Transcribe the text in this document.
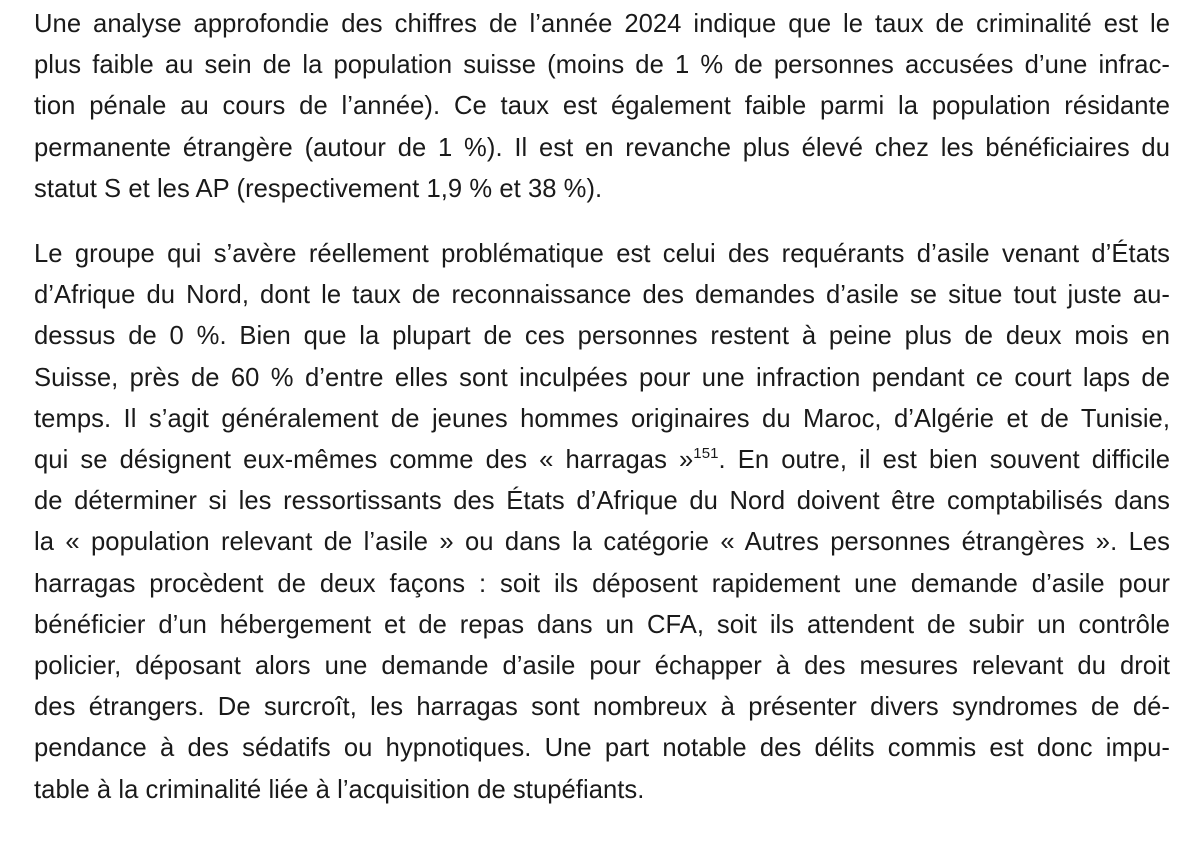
Une analyse approfondie des chiffres de l’année 2024 indique que le taux de criminalité est le
plus faible au sein de la population suisse (moins de 1 % de personnes accusées d’une infrac-
tion pénale au cours de l’année). Ce taux est également faible parmi la population résidante
permanente étrangère (autour de 1 %). Il est en revanche plus élevé chez les bénéficiaires du
statut S et les AP (respectivement 1,9 % et 38 %).

Le groupe qui s’avère réellement problématique est celui des requérants d’asile venant d’États
d’Afrique du Nord, dont le taux de reconnaissance des demandes d’asile se situe tout juste au-
dessus de 0 %. Bien que la plupart de ces personnes restent à peine plus de deux mois en
Suisse, près de 60 % d’entre elles sont inculpées pour une infraction pendant ce court laps de
temps. Il s’agit généralement de jeunes hommes originaires du Maroc, d’Algérie et de Tunisie,
qui se désignent eux-mêmes comme des « harragas »$^{151}$. En outre, il est bien souvent difficile
de déterminer si les ressortissants des États d’Afrique du Nord doivent être comptabilisés dans
la « population relevant de l’asile » ou dans la catégorie « Autres personnes étrangères ». Les
harragas procèdent de deux façons : soit ils déposent rapidement une demande d’asile pour
bénéficier d’un hébergement et de repas dans un CFA, soit ils attendent de subir un contrôle
policier, déposant alors une demande d’asile pour échapper à des mesures relevant du droit
des étrangers. De surcroît, les harragas sont nombreux à présenter divers syndromes de dé-
pendance à des sédatifs ou hypnotiques. Une part notable des délits commis est donc impu-
table à la criminalité liée à l’acquisition de stupéfiants.
